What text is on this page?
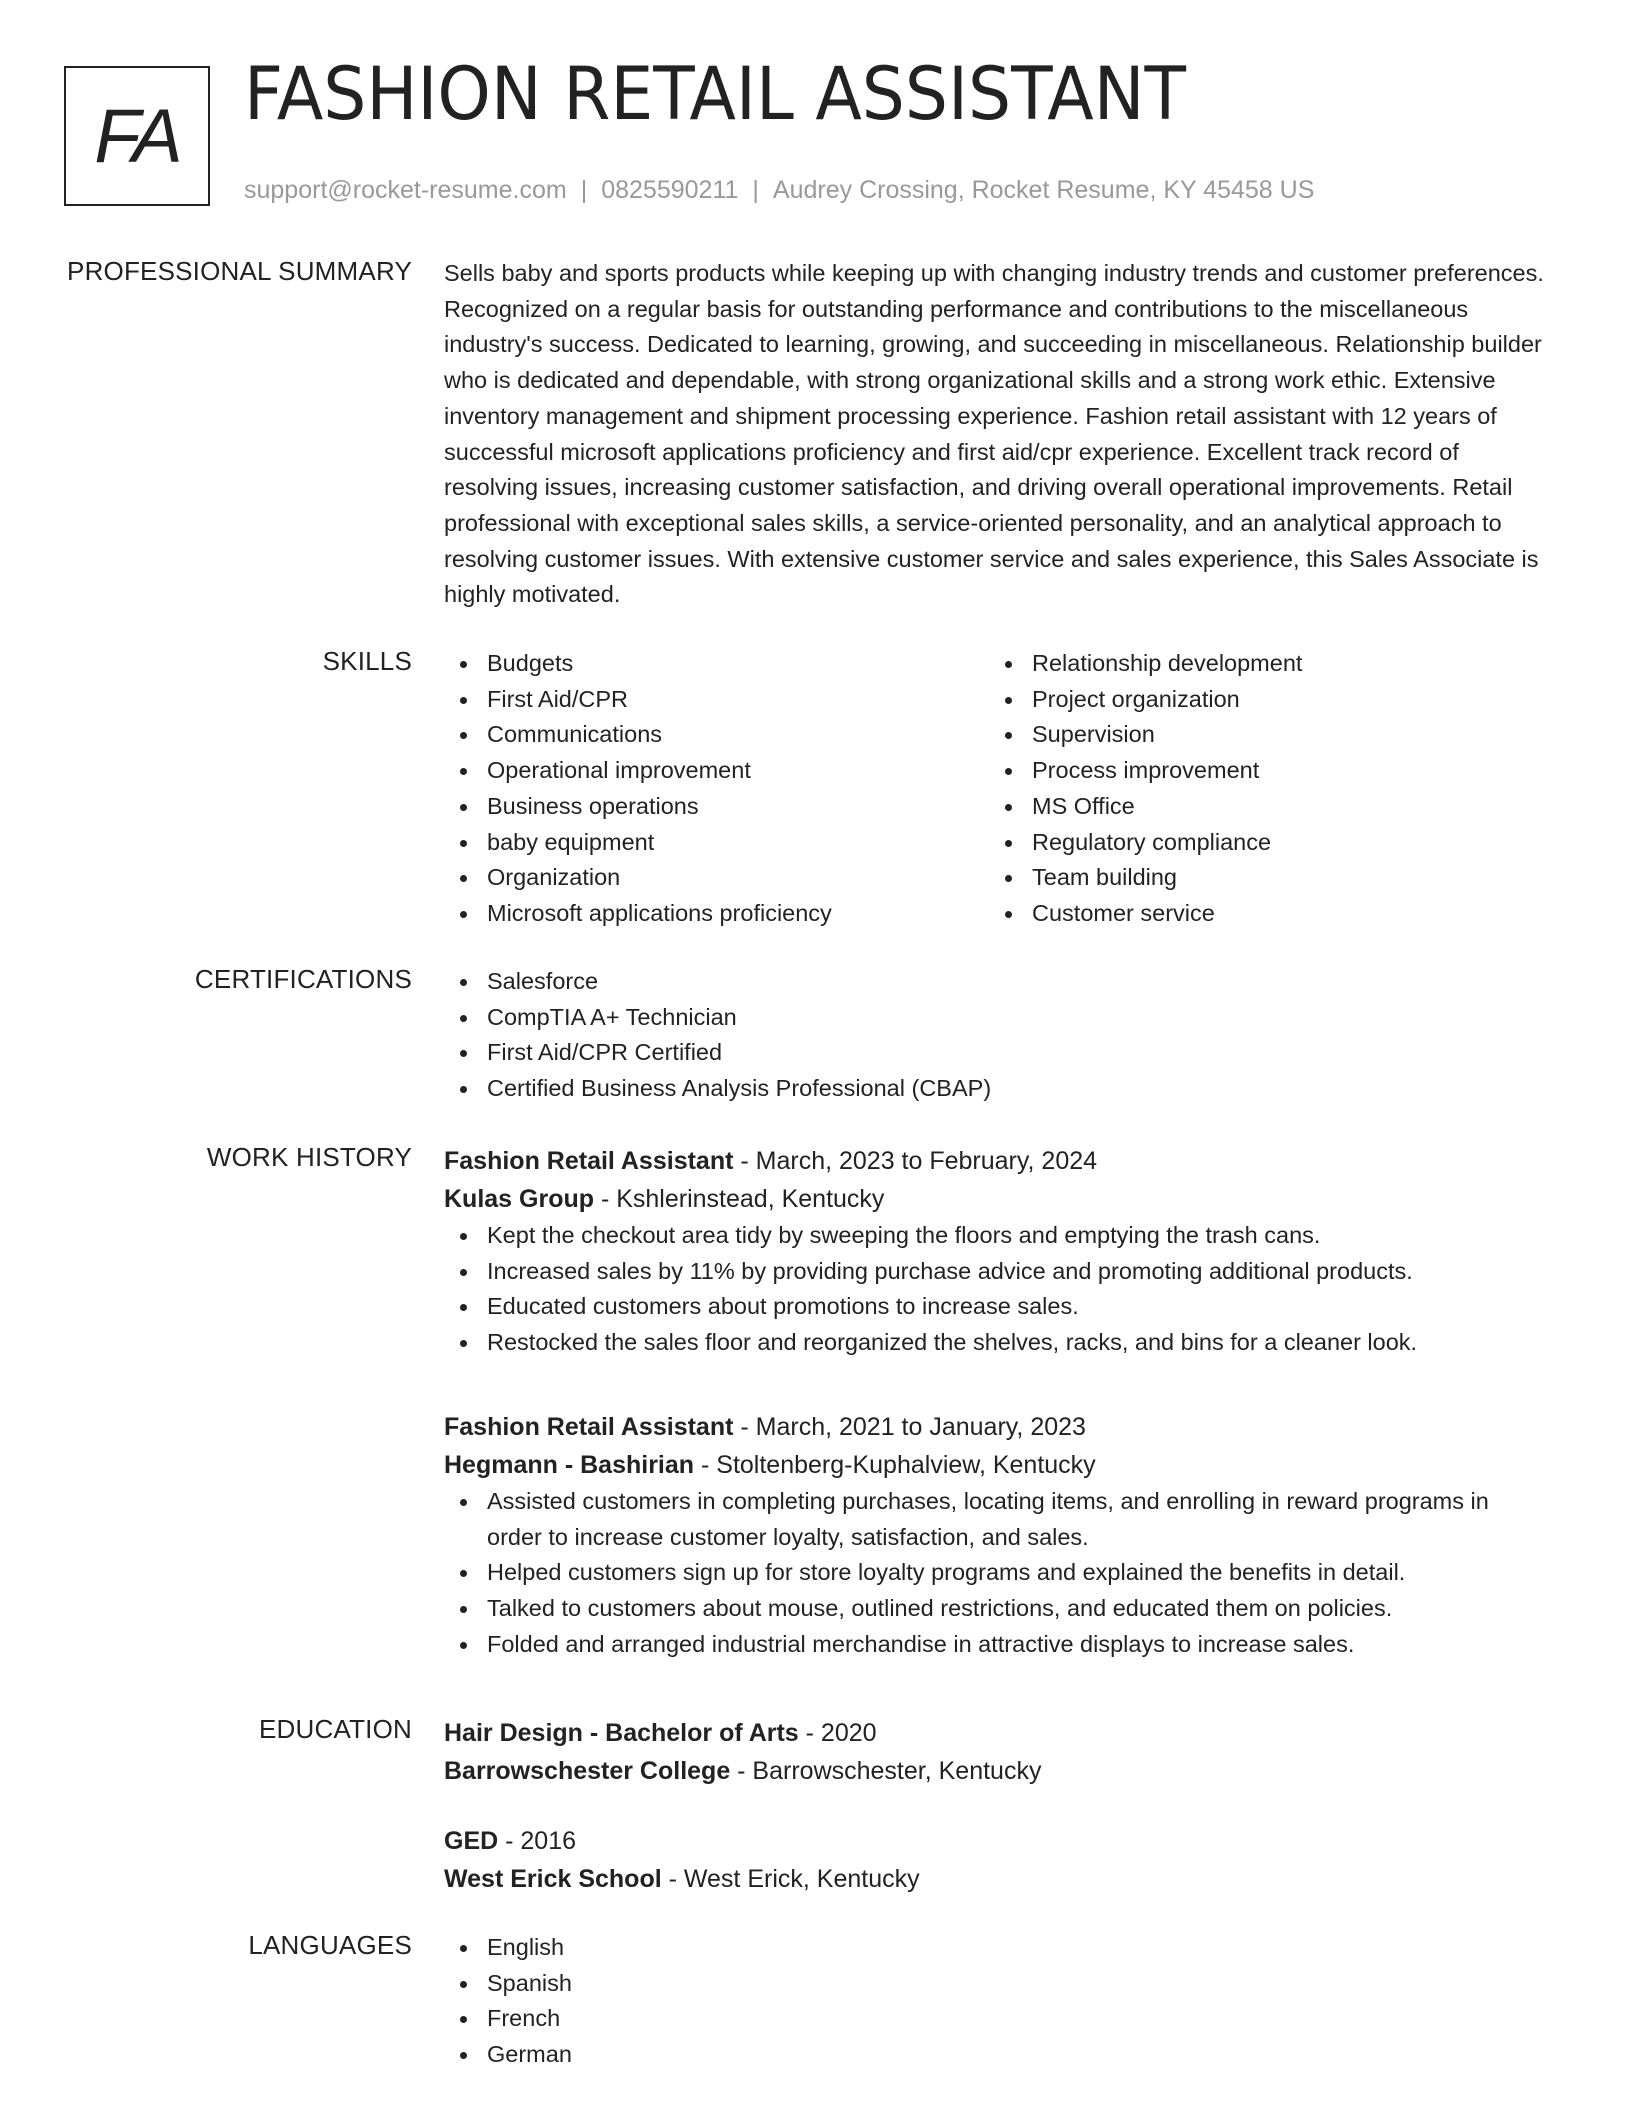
FA FASHION RETAIL ASSISTANT
support@rocket-resume.com | 0825590211 | Audrey Crossing, Rocket Resume, KY 45458 US
PROFESSIONAL SUMMARY Sells baby and sports products while keeping up with changing industry trends and customer preferences. Recognized on a regular basis for outstanding performance and contributions to the miscellaneous industry's success. Dedicated to learning, growing, and succeeding in miscellaneous. Relationship builder who is dedicated and dependable, with strong organizational skills and a strong work ethic. Extensive inventory management and shipment processing experience. Fashion retail assistant with 12 years of successful microsoft applications proficiency and first aid/cpr experience. Excellent track record of resolving issues, increasing customer satisfaction, and driving overall operational improvements. Retail professional with exceptional sales skills, a service-oriented personality, and an analytical approach to resolving customer issues. With extensive customer service and sales experience, this Sales Associate is highly motivated.

SKILLS	Budgets
First Aid/CPR
Communications
Operational improvement
Business operations
baby equipment
Organization
Microsoft applications proficiency
Relationship development
Project organization
Supervision
Process improvement
MS Office
Regulatory compliance
Team building
Customer service
CERTIFICATIONS	Salesforce
CompTIA A+ Technician
First Aid/CPR Certified
Certified Business Analysis Professional (CBAP)
WORK HISTORY Fashion Retail Assistant - March, 2023 to February, 2024
Kulas Group - Kshlerinstead, Kentucky
Kept the checkout area tidy by sweeping the floors and emptying the trash cans.
Increased sales by 11% by providing purchase advice and promoting additional products.
Educated customers about promotions to increase sales.
Restocked the sales floor and reorganized the shelves, racks, and bins for a cleaner look.
Fashion Retail Assistant - March, 2021 to January, 2023
Hegmann - Bashirian - Stoltenberg-Kuphalview, Kentucky
Assisted customers in completing purchases, locating items, and enrolling in reward programs in order to increase customer loyalty, satisfaction, and sales.
Helped customers sign up for store loyalty programs and explained the benefits in detail.
Talked to customers about mouse, outlined restrictions, and educated them on policies.
Folded and arranged industrial merchandise in attractive displays to increase sales.
EDUCATION Hair Design - Bachelor of Arts - 2020
Barrowschester College - Barrowschester, Kentucky
GED - 2016
West Erick School - West Erick, Kentucky
LANGUAGES	English
Spanish
French
German
